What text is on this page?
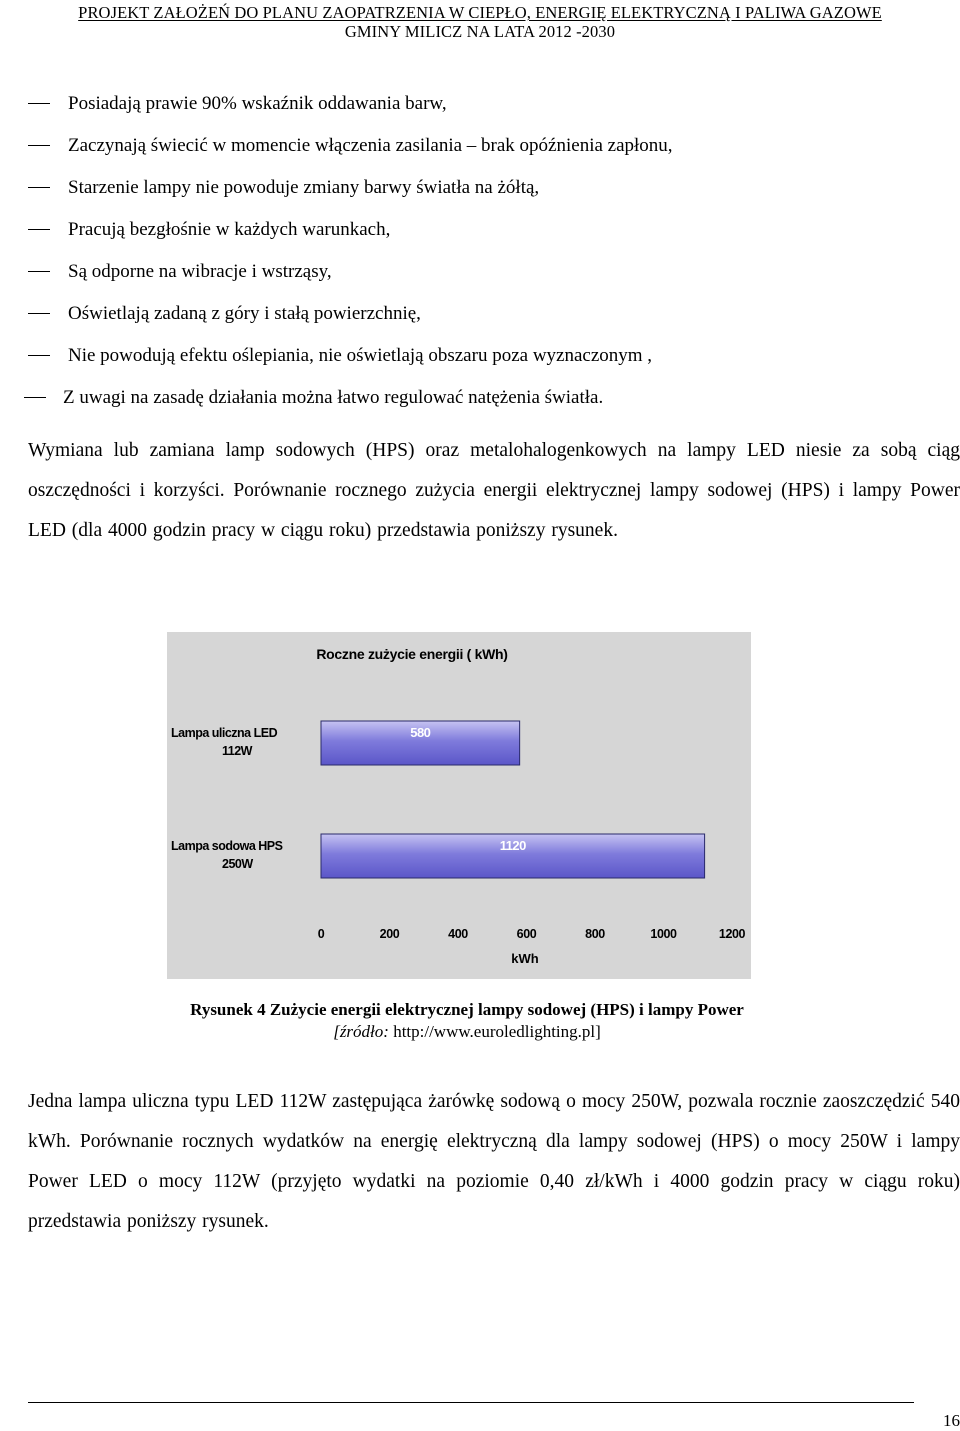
PROJEKT ZAŁOŻEŃ DO PLANU ZAOPATRZENIA W CIEPŁO, ENERGIĘ ELEKTRYCZNĄ I PALIWA GAZOWE
GMINY MILICZ NA LATA 2012 -2030
Posiadają prawie 90% wskaźnik oddawania barw,
Zaczynają świecić w momencie włączenia zasilania – brak opóźnienia zapłonu,
Starzenie lampy nie powoduje zmiany barwy światła na żółtą,
Pracują bezgłośnie w każdych warunkach,
Są odporne na wibracje i wstrząsy,
Oświetlają zadaną z góry i stałą powierzchnię,
Nie powodują efektu oślepiania, nie oświetlają obszaru poza wyznaczonym ,
Z uwagi na zasadę działania można łatwo regulować natężenia światła.

Wymiana lub zamiana lamp sodowych (HPS) oraz metalohalogenkowych na lampy LED niesie za sobą ciąg oszczędności i korzyści. Porównanie rocznego zużycia energii elektrycznej lampy sodowej (HPS) i lampy Power LED (dla 4000 godzin pracy w ciągu roku) przedstawia poniższy rysunek.

Roczne zużycie energii ( kWh)
580
Lampa uliczna LED
112W
1120
Lampa sodowa HPS
250W
0	200	400	600	800	1000	1200
kWh
Rysunek 4 Zużycie energii elektrycznej lampy sodowej (HPS) i lampy Power
[źródło: http://www.euroledlighting.pl]

Jedna lampa uliczna typu LED 112W zastępująca żarówkę sodową o mocy 250W, pozwala rocznie zaoszczędzić 540 kWh. Porównanie rocznych wydatków na energię elektryczną dla lampy sodowej (HPS) o mocy 250W i lampy Power LED o mocy 112W (przyjęto wydatki na poziomie 0,40 zł/kWh i 4000 godzin pracy w ciągu roku) przedstawia poniższy rysunek.

16
